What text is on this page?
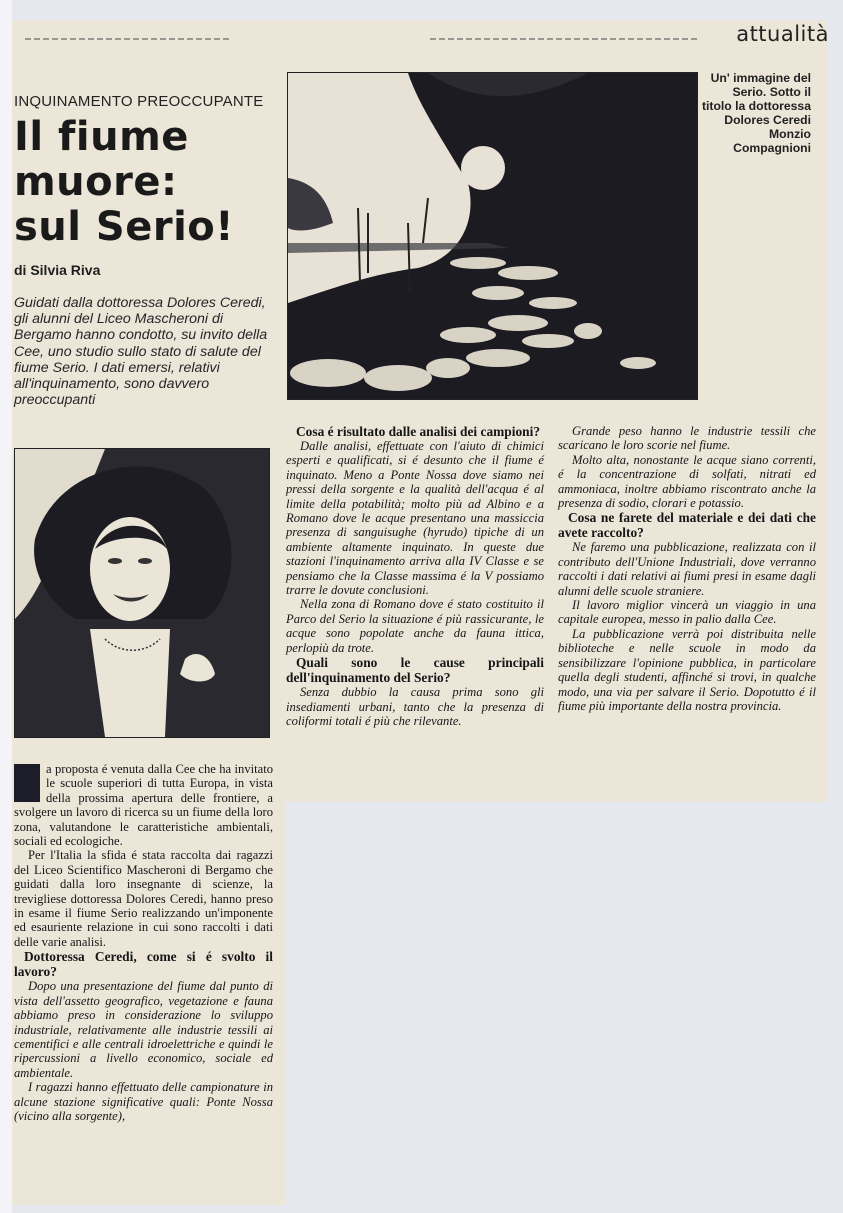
attualità
INQUINAMENTO PREOCCUPANTE
Il fiume
muore:
sul Serio!
di Silvia Riva

Guidati dalla dottoressa Dolores Ceredi, gli alunni del Liceo Mascheroni di Bergamo hanno condotto, su invito della Cee, uno studio sullo stato di salute del fiume Serio. I dati emersi, relativi all'inquinamento, sono davvero preoccupanti

Un' immagine del Serio. Sotto il titolo la dottoressa Dolores Ceredi Monzio Compagnioni

L	a proposta é venuta dalla Cee che ha invitato le scuole superiori di tutta Europa, in vista della prossima apertura delle frontiere, a svolgere un lavoro di ricerca su un fiume della loro zona, valutandone le caratteristiche ambientali, sociali ed ecologiche.

Per l'Italia la sfida é stata raccolta dai ragazzi del Liceo Scientifico Mascheroni di Bergamo che guidati dalla loro insegnante di scienze, la trevigliese dottoressa Dolores Ceredi, hanno preso in esame il fiume Serio realizzando un'imponente ed esauriente relazione in cui sono raccolti i dati delle varie analisi.

Dottoressa Ceredi, come si é svolto il lavoro?

Dopo una presentazione del fiume dal punto di vista dell'assetto geografico, vegetazione e fauna abbiamo preso in considerazione lo sviluppo industriale, relativamente alle industrie tessili ai cementifici e alle centrali idroelettriche e quindi le ripercussioni a livello economico, sociale ed ambientale.

I ragazzi hanno effettuato delle campionature in alcune stazione significative quali: Ponte Nossa (vicino alla sorgente),

Cosa é risultato dalle analisi dei campioni?

Dalle analisi, effettuate con l'aiuto di chimici esperti e qualificati, si é desunto che il fiume é inquinato. Meno a Ponte Nossa dove siamo nei pressi della sorgente e la qualità dell'acqua é al limite della potabilità; molto più ad Albino e a Romano dove le acque presentano una massiccia presenza di sanguisughe (hyrudo) tipiche di un ambiente altamente inquinato. In queste due stazioni l'inquinamento arriva alla IV Classe e se pensiamo che la Classe massima é la V possiamo trarre le dovute conclusioni.

Nella zona di Romano dove é stato costituito il Parco del Serio la situazione é più rassicurante, le acque sono popolate anche da fauna ittica, perlopiù da trote.

Quali sono le cause principali dell'inquinamento del Serio?

Senza dubbio la causa prima sono gli insediamenti urbani, tanto che la presenza di coliformi totali é più che rilevante.

Grande peso hanno le industrie tessili che scaricano le loro scorie nel fiume.

Molto alta, nonostante le acque siano correnti, é la concentrazione di solfati, nitrati ed ammoniaca, inoltre abbiamo riscontrato anche la presenza di sodio, clorari e potassio.

Cosa ne farete del materiale e dei dati che avete raccolto?

Ne faremo una pubblicazione, realizzata con il contributo dell'Unione Industriali, dove verranno raccolti i dati relativi ai fiumi presi in esame dagli alunni delle scuole straniere.

Il lavoro miglior vincerà un viaggio in una capitale europea, messo in palio dalla Cee.

La pubblicazione verrà poi distribuita nelle biblioteche e nelle scuole in modo da sensibilizzare l'opinione pubblica, in particolare quella degli studenti, affinché si trovi, in qualche modo, una via per salvare il Serio. Dopotutto é il fiume più importante della nostra provincia.
